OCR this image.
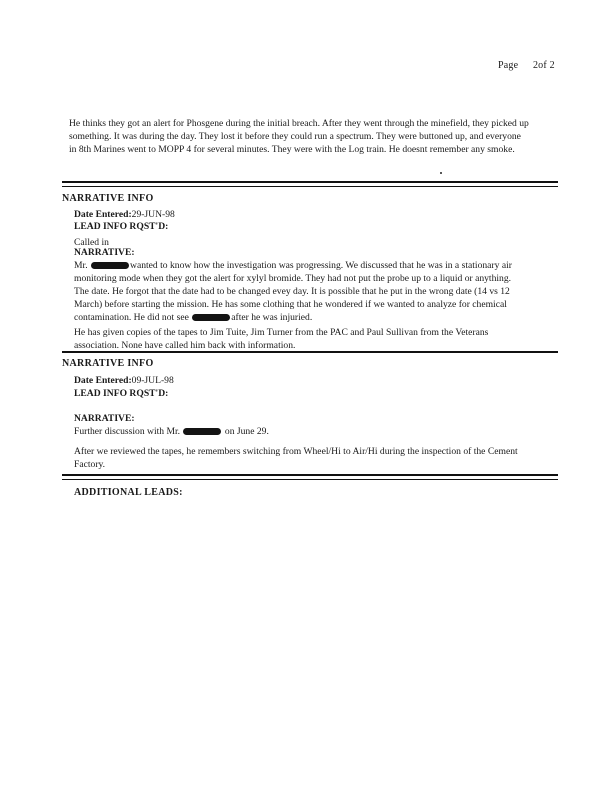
Page 2of 2

He thinks they got an alert for Phosgene during the initial breach. After they went through the minefield, they picked up something. It was during the day. They lost it before they could run a spectrum. They were buttoned up, and everyone in 8th Marines went to MOPP 4 for several minutes. They were with the Log train. He doesnt remember any smoke.

NARRATIVE INFO
Date Entered:29-JUN-98
LEAD INFO RQST'D:
Called in
NARRATIVE:

Mr.	wanted to know how the investigation was progressing. We discussed that he was in a stationary air monitoring mode when they got the alert for xylyl bromide. They had not put the probe up to a liquid or anything. The date. He forgot that the date had to be changed evey day. It is possible that he put in the wrong date (14 vs 12 March) before starting the mission. He has some clothing that he wondered if we wanted to analyze for chemical contamination. He did not see	after he was injuried.

He has given copies of the tapes to Jim Tuite, Jim Turner from the PAC and Paul Sullivan from the Veterans association. None have called him back with information.

NARRATIVE INFO
Date Entered:09-JUL-98
LEAD INFO RQST'D:
NARRATIVE:

Further discussion with Mr.	on June 29.

After we reviewed the tapes, he remembers switching from Wheel/Hi to Air/Hi during the inspection of the Cement Factory.

ADDITIONAL LEADS:
